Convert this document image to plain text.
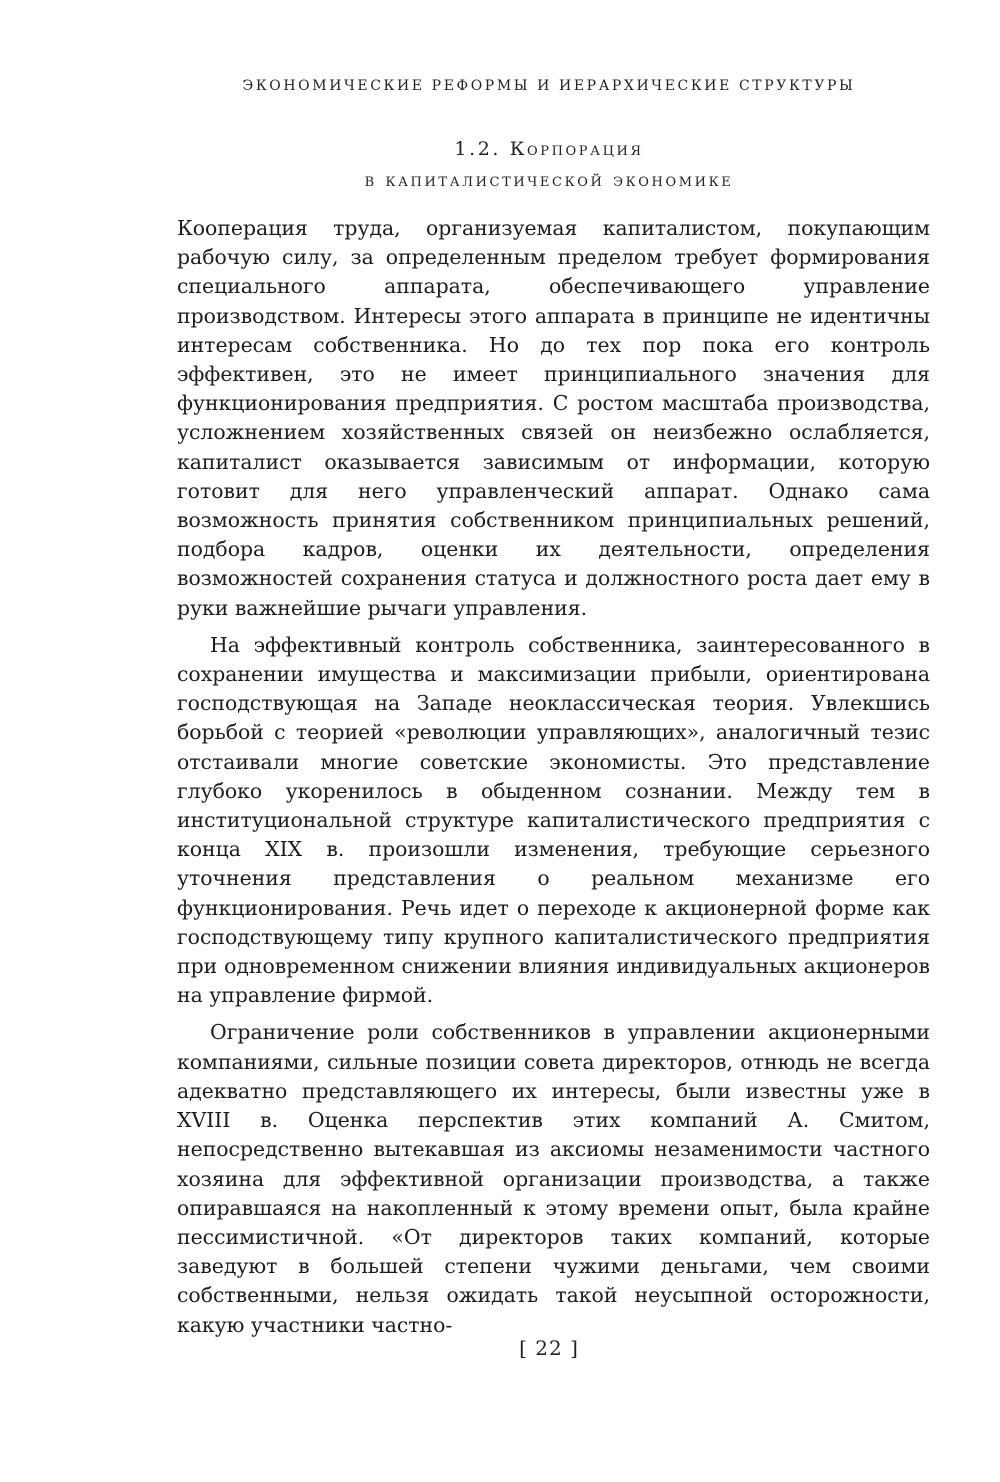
ЭКОНОМИЧЕСКИЕ РЕФОРМЫ И ИЕРАРХИЧЕСКИЕ СТРУКТУРЫ
1.2. Корпорация
в капиталистической экономике

Кооперация труда, организуемая капиталистом, покупающим рабочую силу, за определенным пределом требует формирования специального аппарата, обеспечивающего управление производством. Интересы этого аппарата в принципе не идентичны интересам собственника. Но до тех пор пока его контроль эффективен, это не имеет принципиального значения для функционирования предприятия. С ростом масштаба производства, усложнением хозяйственных связей он неизбежно ослабляется, капиталист оказывается зависимым от информации, которую готовит для него управленческий аппарат. Однако сама возможность принятия собственником принципиальных решений, подбора кадров, оценки их деятельности, определения возможностей сохранения статуса и должностного роста дает ему в руки важнейшие рычаги управления.

На эффективный контроль собственника, заинтересованного в сохранении имущества и максимизации прибыли, ориентирована господствующая на Западе неоклассическая теория. Увлекшись борьбой с теорией «революции управляющих», аналогичный тезис отстаивали многие советские экономисты. Это представление глубоко укоренилось в обыденном сознании. Между тем в институциональной структуре капиталистического предприятия с конца XIX в. произошли изменения, требующие серьезного уточнения представления о реальном механизме его функционирования. Речь идет о переходе к акционерной форме как господствующему типу крупного капиталистического предприятия при одновременном снижении влияния индивидуальных акционеров на управление фирмой.

Ограничение роли собственников в управлении акционерными компаниями, сильные позиции совета директоров, отнюдь не всегда адекватно представляющего их интересы, были известны уже в XVIII в. Оценка перспектив этих компаний А. Смитом, непосредственно вытекавшая из аксиомы незаменимости частного хозяина для эффективной организации производства, а также опиравшаяся на накопленный к этому времени опыт, была крайне пессимистичной. «От директоров таких компаний, которые заведуют в большей степени чужими деньгами, чем своими собственными, нельзя ожидать такой неусыпной осторожности, какую участники частно-

[ 22 ]
